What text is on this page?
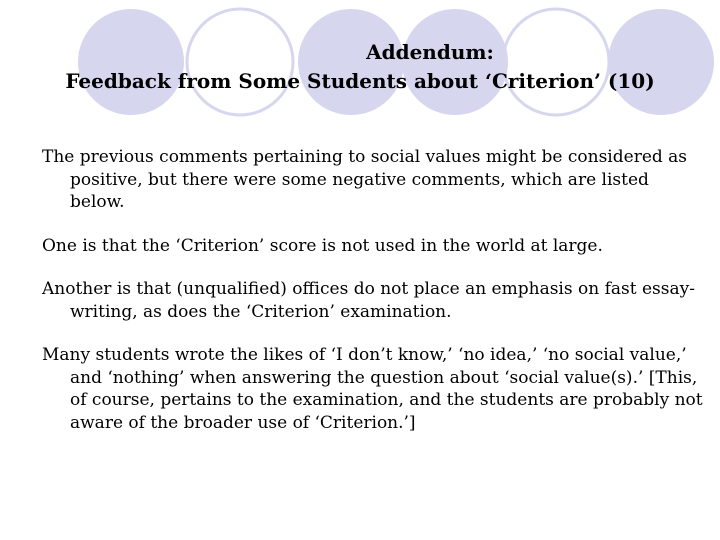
Addendum:
Feedback from Some Students about ‘Criterion’ (10)

The previous comments pertaining to social values might be considered as positive, but there were some negative comments, which are listed below.

One is that the ‘Criterion’ score is not used in the world at large.

Another is that (unqualified) offices do not place an emphasis on fast essay-writing, as does the ‘Criterion’ examination.

Many students wrote the likes of ‘I don’t know,’ ‘no idea,’ ‘no social value,’ and ‘nothing’ when answering the question about ‘social value(s).’ [This, of course, pertains to the examination, and the students are probably not aware of the broader use of ‘Criterion.’]
